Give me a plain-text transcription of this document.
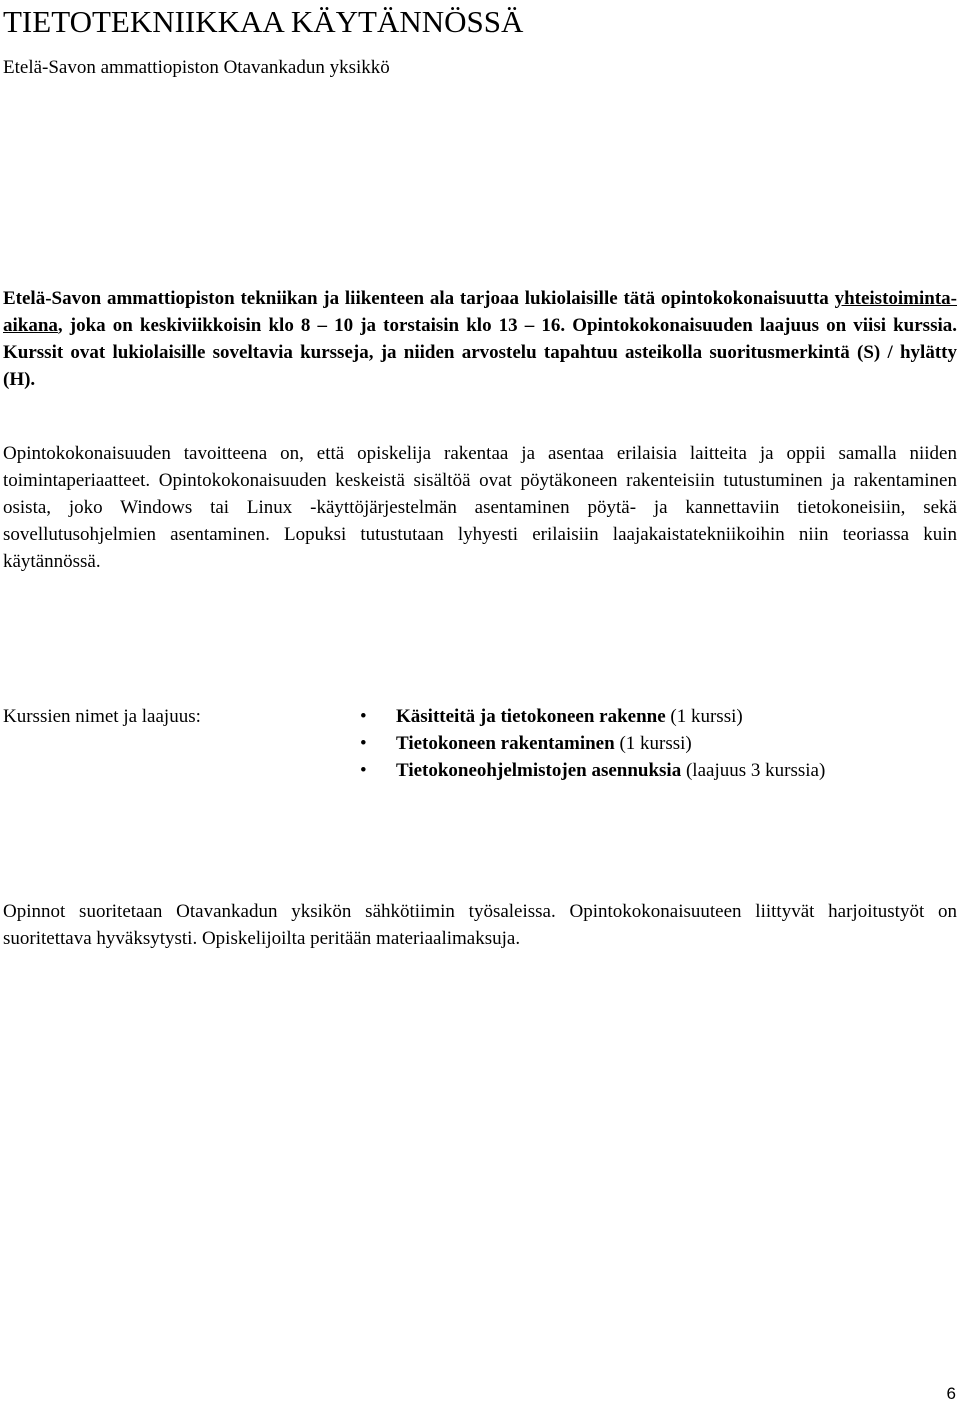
TIETOTEKNIIKKAA KÄYTÄNNÖSSÄ

Etelä-Savon ammattiopiston Otavankadun yksikkö

Etelä-Savon ammattiopiston tekniikan ja liikenteen ala tarjoaa lukiolaisille tätä opintokokonaisuutta yhteistoiminta-aikana, joka on keskiviikkoisin klo 8 – 10 ja torstaisin klo 13 – 16. Opintokokonaisuuden laajuus on viisi kurssia. Kurssit ovat lukiolaisille soveltavia kursseja, ja niiden arvostelu tapahtuu asteikolla suoritusmerkintä (S) / hylätty (H).

Opintokokonaisuuden tavoitteena on, että opiskelija rakentaa ja asentaa erilaisia laitteita ja oppii samalla niiden toimintaperiaatteet. Opintokokonaisuuden keskeistä sisältöä ovat pöytäkoneen rakenteisiin tutustuminen ja rakentaminen osista, joko Windows tai Linux -käyttöjärjestelmän asentaminen pöytä- ja kannettaviin tietokoneisiin, sekä sovellutusohjelmien asentaminen. Lopuksi tutustutaan lyhyesti erilaisiin laajakaistatekniikoihin niin teoriassa kuin käytännössä.

Kurssien nimet ja laajuus:	• Käsitteitä ja tietokoneen rakenne (1 kurssi)
• Tietokoneen rakentaminen (1 kurssi)
• Tietokoneohjelmistojen asennuksia (laajuus 3 kurssia)

Opinnot suoritetaan Otavankadun yksikön sähkötiimin työsaleissa. Opintokokonaisuuteen liittyvät harjoitustyöt on suoritettava hyväksytysti. Opiskelijoilta peritään materiaalimaksuja.

6
